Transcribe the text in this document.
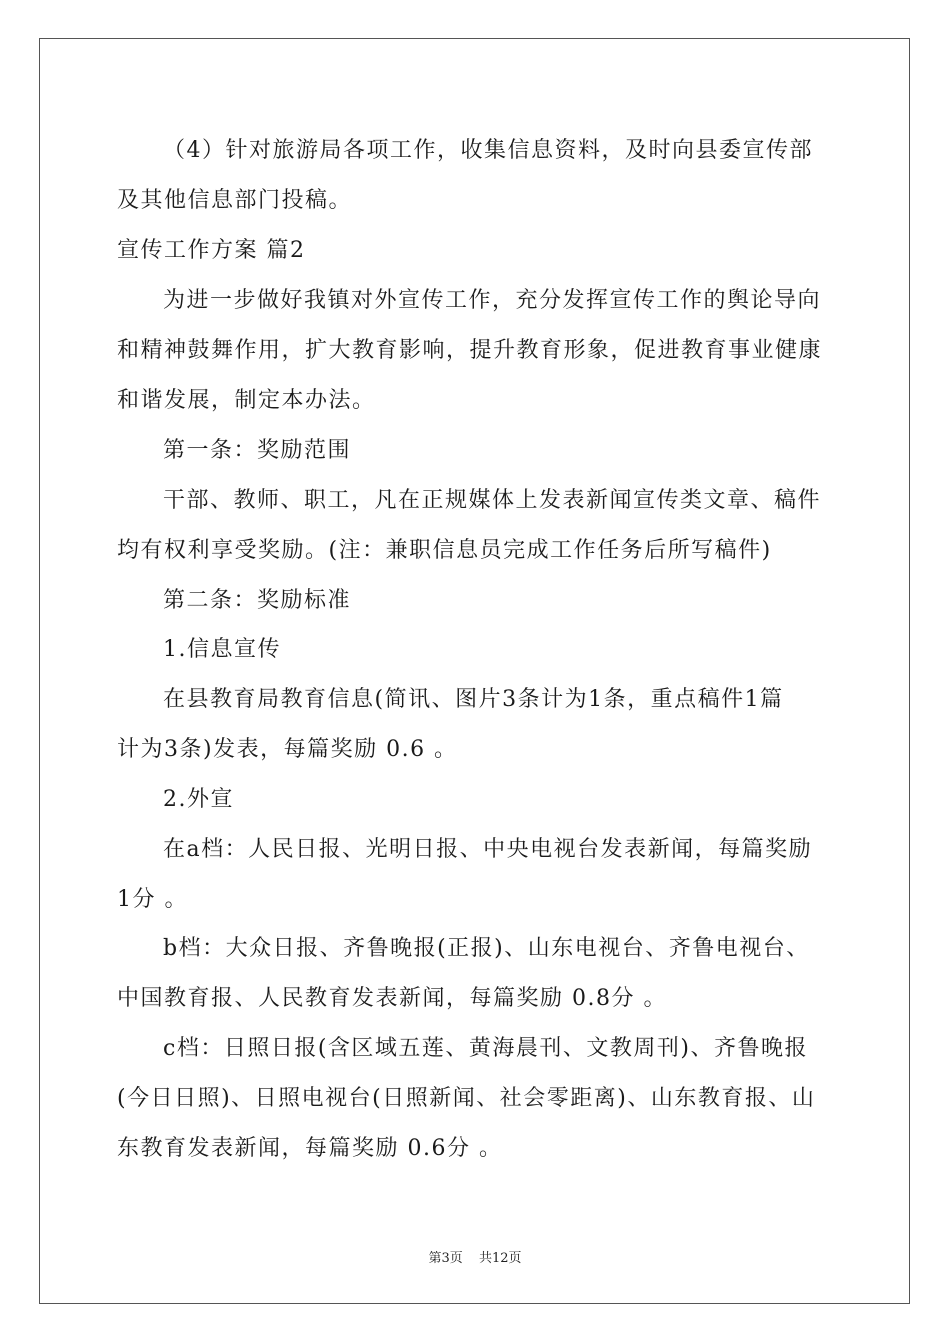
（4）针对旅游局各项工作，收集信息资料，及时向县委宣传部
及其他信息部门投稿。
宣传工作方案 篇2
为进一步做好我镇对外宣传工作，充分发挥宣传工作的舆论导向
和精神鼓舞作用，扩大教育影响，提升教育形象，促进教育事业健康
和谐发展，制定本办法。
第一条：奖励范围
干部、教师、职工，凡在正规媒体上发表新闻宣传类文章、稿件
均有权利享受奖励。(注：兼职信息员完成工作任务后所写稿件)
第二条：奖励标准
1.信息宣传
在县教育局教育信息(简讯、图片3条计为1条，重点稿件1篇
计为3条)发表，每篇奖励 0.6 。
2.外宣
在a档：人民日报、光明日报、中央电视台发表新闻，每篇奖励
1分 。
b档：大众日报、齐鲁晚报(正报)、山东电视台、齐鲁电视台、
中国教育报、人民教育发表新闻，每篇奖励 0.8分 。
c档：日照日报(含区域五莲、黄海晨刊、文教周刊)、齐鲁晚报
(今日日照)、日照电视台(日照新闻、社会零距离)、山东教育报、山
东教育发表新闻，每篇奖励 0.6分 。
第3页 共12页
